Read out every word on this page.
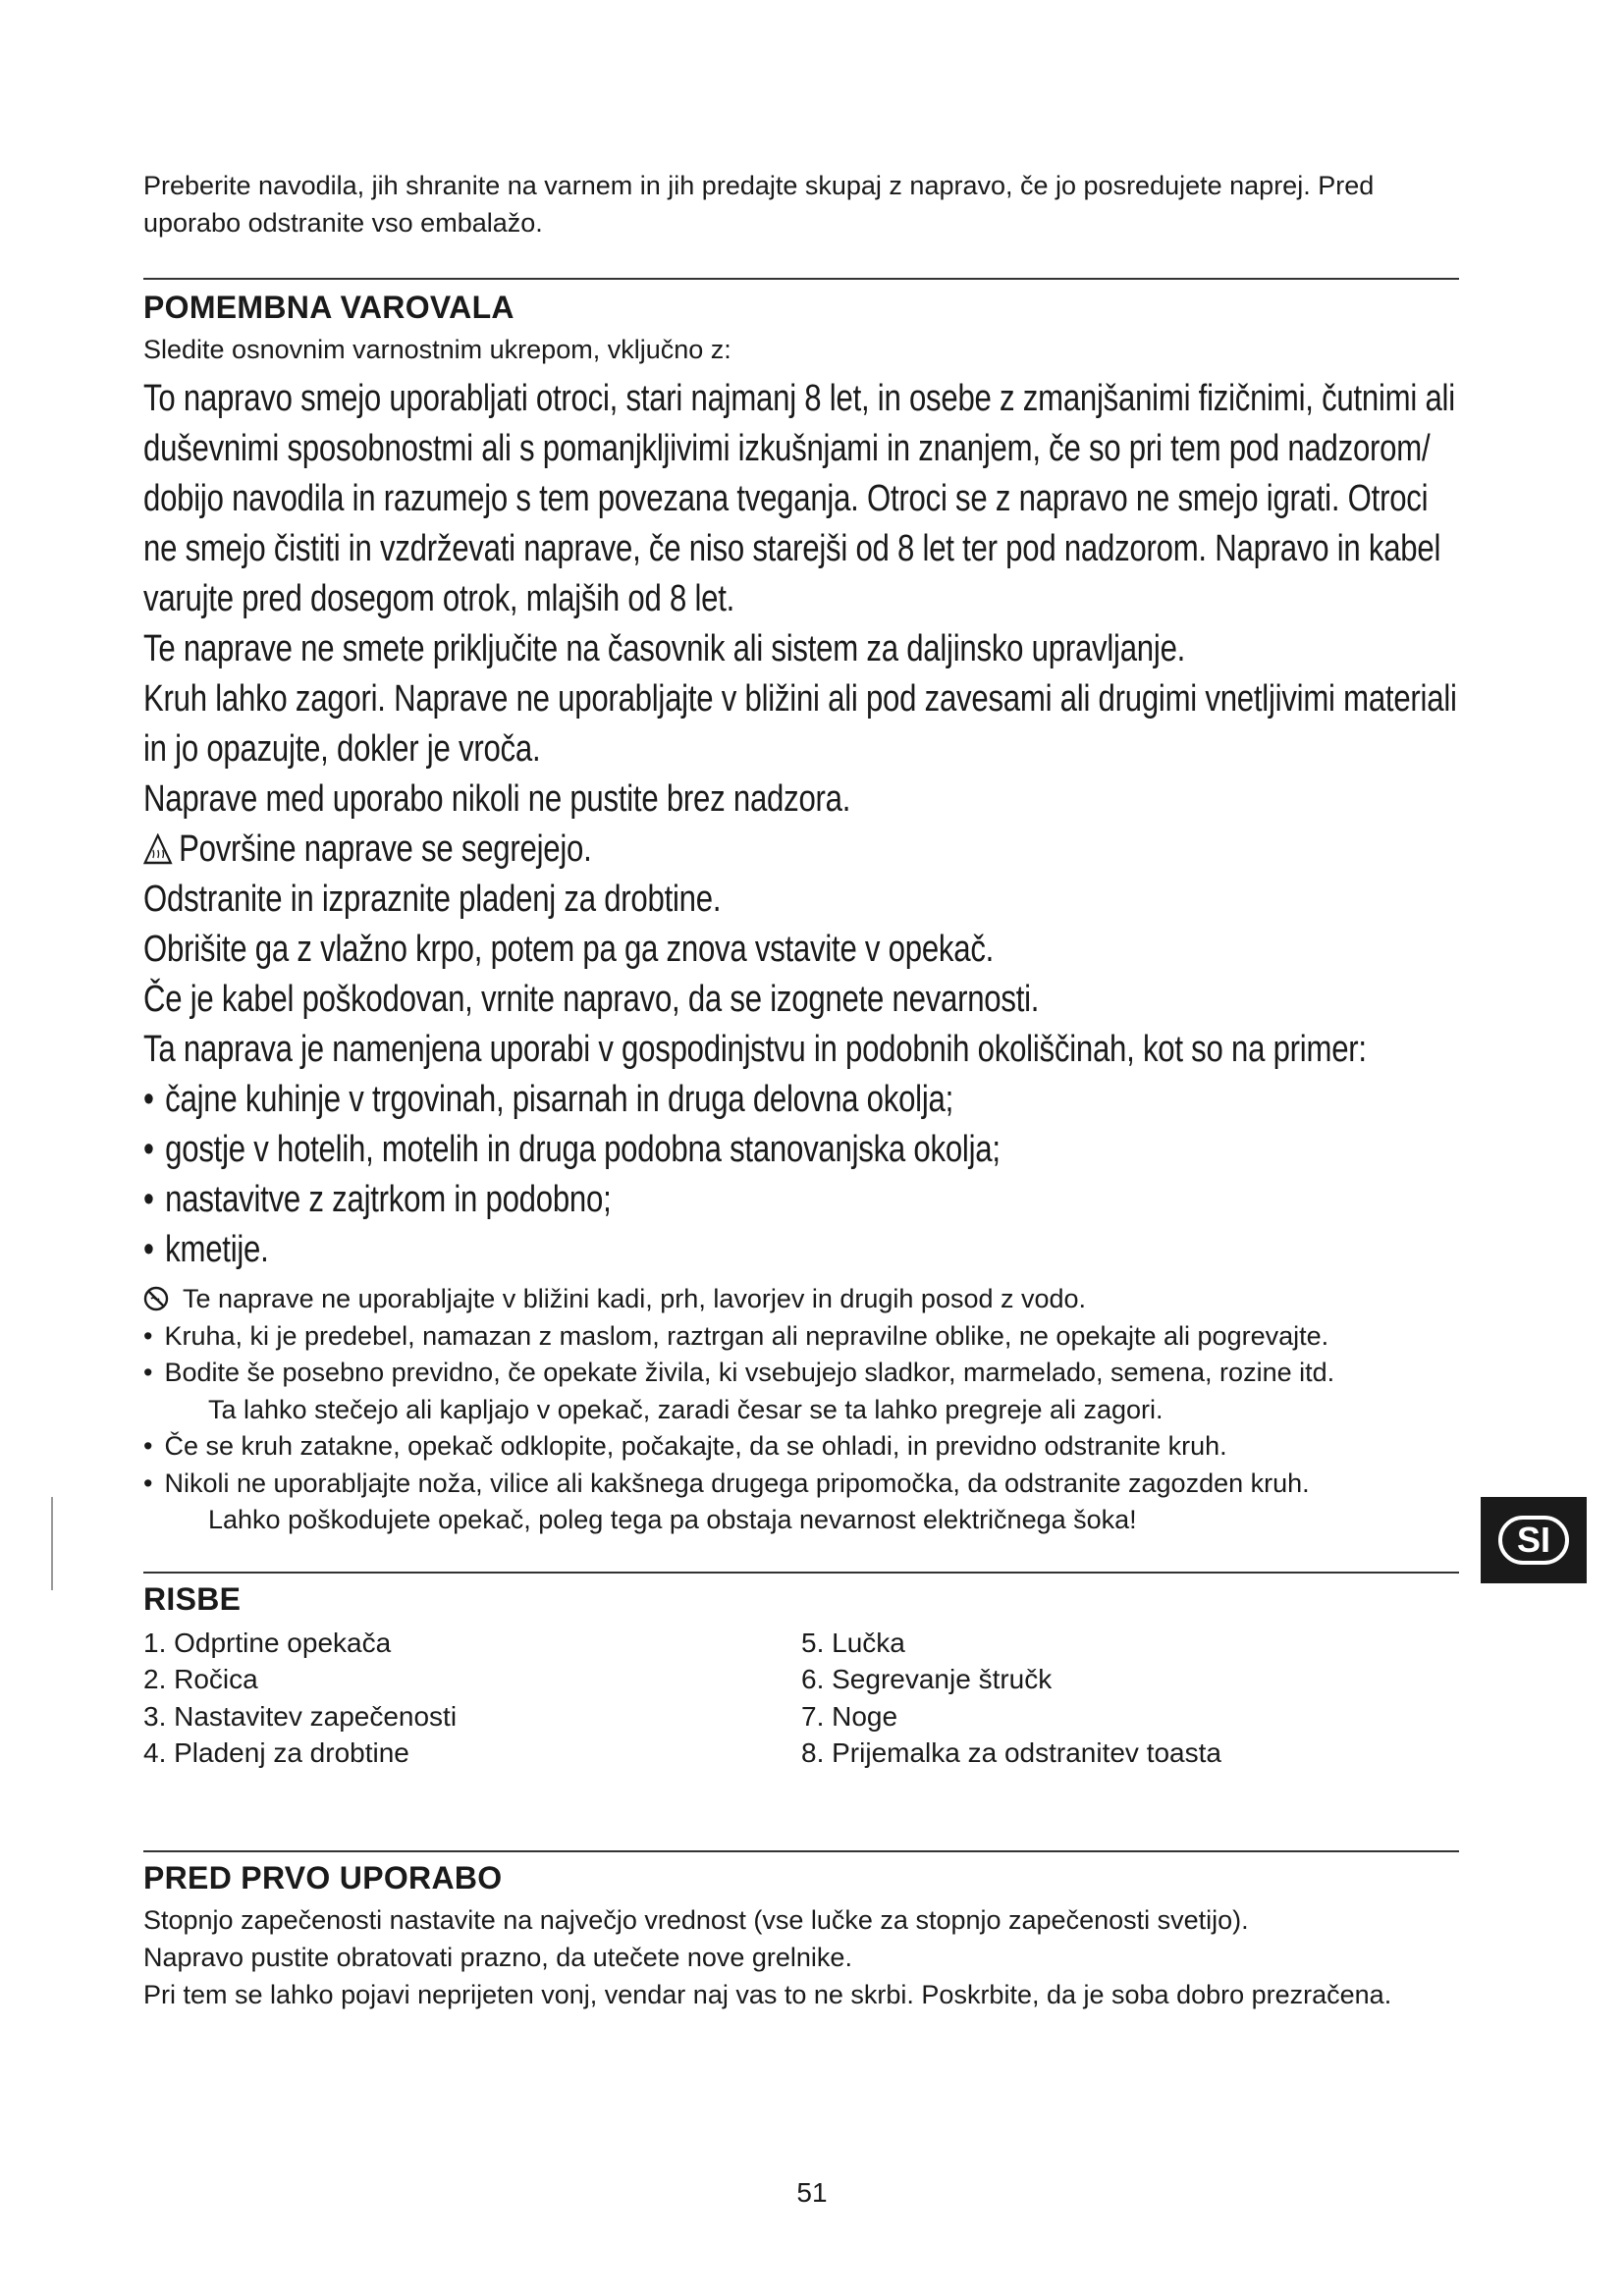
Preberite navodila, jih shranite na varnem in jih predajte skupaj z napravo, če jo posredujete naprej. Pred uporabo odstranite vso embalažo.

POMEMBNA VAROVALA

Sledite osnovnim varnostnim ukrepom, vključno z:

To napravo smejo uporabljati otroci, stari najmanj 8 let, in osebe z zmanjšanimi fizičnimi, čutnimi ali duševnimi sposobnostmi ali s pomanjkljivimi izkušnjami in znanjem, če so pri tem pod nadzorom/ dobijo navodila in razumejo s tem povezana tveganja. Otroci se z napravo ne smejo igrati. Otroci ne smejo čistiti in vzdrževati naprave, če niso starejši od 8 let ter pod nadzorom. Napravo in kabel varujte pred dosegom otrok, mlajših od 8 let.

Te naprave ne smete priključite na časovnik ali sistem za daljinsko upravljanje.

Kruh lahko zagori. Naprave ne uporabljajte v bližini ali pod zavesami ali drugimi vnetljivimi materiali in jo opazujte, dokler je vroča.

Naprave med uporabo nikoli ne pustite brez nadzora.

Površine naprave se segrejejo.

Odstranite in izpraznite pladenj za drobtine.

Obrišite ga z vlažno krpo, potem pa ga znova vstavite v opekač.

Če je kabel poškodovan, vrnite napravo, da se izognete nevarnosti.

Ta naprava je namenjena uporabi v gospodinjstvu in podobnih okoliščinah, kot so na primer:

• čajne kuhinje v trgovinah, pisarnah in druga delovna okolja;

• gostje v hotelih, motelih in druga podobna stanovanjska okolja;

• nastavitve z zajtrkom in podobno;

• kmetije.

Te naprave ne uporabljajte v bližini kadi, prh, lavorjev in drugih posod z vodo.

• Kruha, ki je predebel, namazan z maslom, raztrgan ali nepravilne oblike, ne opekajte ali pogrevajte.

• Bodite še posebno previdno, če opekate živila, ki vsebujejo sladkor, marmelado, semena, rozine itd.

Ta lahko stečejo ali kapljajo v opekač, zaradi česar se ta lahko pregreje ali zagori.

• Če se kruh zatakne, opekač odklopite, počakajte, da se ohladi, in previdno odstranite kruh.

• Nikoli ne uporabljajte noža, vilice ali kakšnega drugega pripomočka, da odstranite zagozden kruh.

Lahko poškodujete opekač, poleg tega pa obstaja nevarnost električnega šoka!

RISBE
1. Odprtine opekača
2. Ročica
3. Nastavitev zapečenosti
4. Pladenj za drobtine
5. Lučka
6. Segrevanje štručk
7. Noge
8. Prijemalka za odstranitev toasta
PRED PRVO UPORABO

Stopnjo zapečenosti nastavite na največjo vrednost (vse lučke za stopnjo zapečenosti svetijo).

Napravo pustite obratovati prazno, da utečete nove grelnike.

Pri tem se lahko pojavi neprijeten vonj, vendar naj vas to ne skrbi. Poskrbite, da je soba dobro prezračena.

SI
51
